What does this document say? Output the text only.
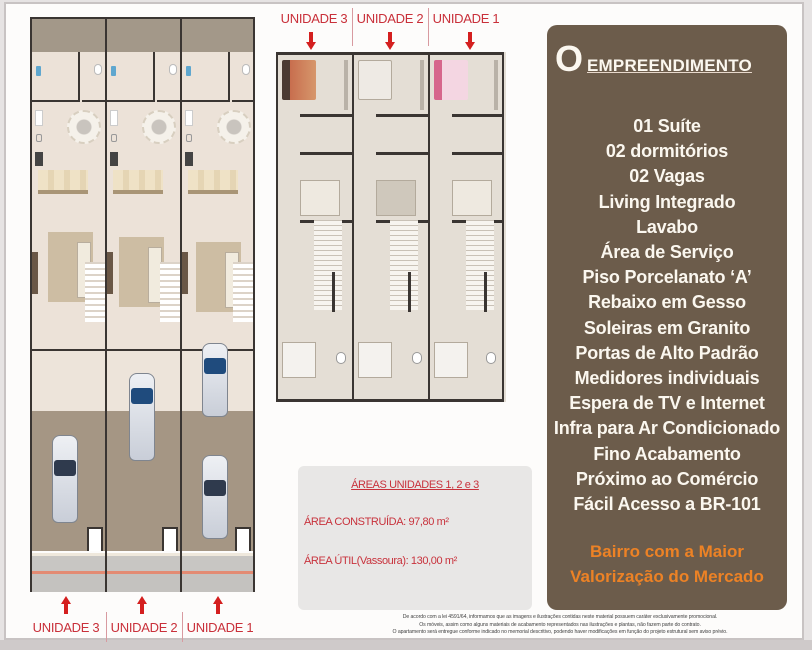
UNIDADE 3 UNIDADE 2 UNIDADE 1
UNIDADE 3 UNIDADE 2 UNIDADE 1
ÁREAS UNIDADES 1, 2 e 3
ÁREA CONSTRUÍDA: 97,80 m²
ÁREA ÚTIL(Vassoura): 130,00 m²
De acordo com a lei 4591/64, informamos que as imagens e ilustrações contidas neste material possuem caráter exclusivamente promocional.
Os móveis, assim como alguns materiais de acabamento representados nas ilustrações e plantas, não fazem parte do contrato.
O apartamento será entregue conforme indicado no memorial descritivo, podendo haver modificações em função do projeto estrutural sem aviso prévio.
O EMPREENDIMENTO
01 Suíte
02 dormitórios
02 Vagas
Living Integrado
Lavabo
Área de Serviço
Piso Porcelanato ‘A’
Rebaixo em Gesso
Soleiras em Granito
Portas de Alto Padrão
Medidores individuais
Espera de TV e Internet
Infra para Ar Condicionado
Fino Acabamento
Próximo ao Comércio
Fácil Acesso a BR-101
Bairro com a Maior
Valorização do Mercado
